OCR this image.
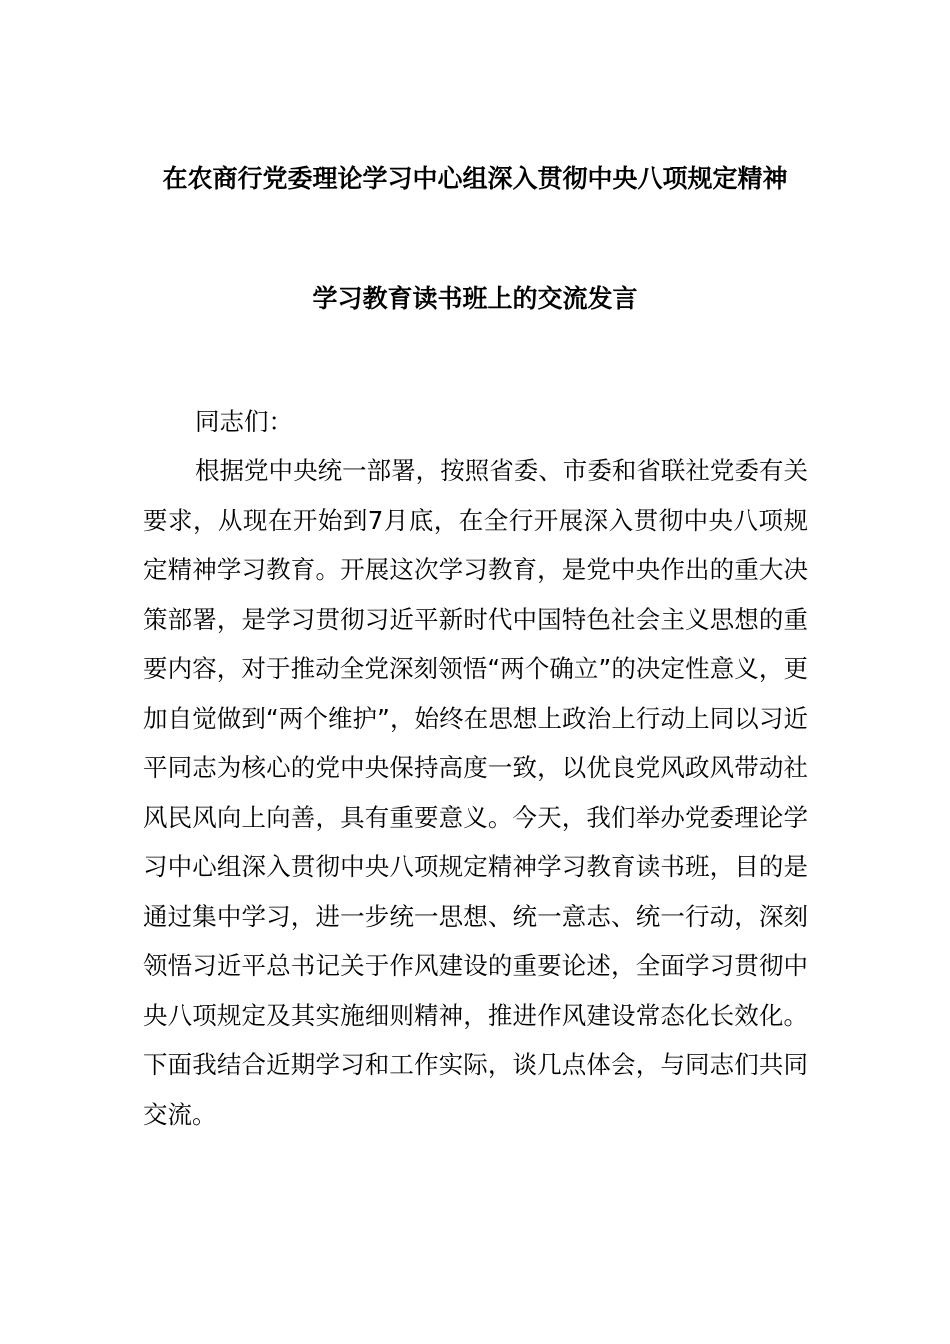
在农商行党委理论学习中心组深入贯彻中央八项规定精神
学习教育读书班上的交流发言

同志们：

根据党中央统一部署，按照省委、市委和省联社党委有关要求，从现在开始到7月底，在全行开展深入贯彻中央八项规定精神学习教育。开展这次学习教育，是党中央作出的重大决策部署，是学习贯彻习近平新时代中国特色社会主义思想的重要内容，对于推动全党深刻领悟“两个确立”的决定性意义，更加自觉做到“两个维护”，始终在思想上政治上行动上同以习近平同志为核心的党中央保持高度一致，以优良党风政风带动社风民风向上向善，具有重要意义。今天，我们举办党委理论学习中心组深入贯彻中央八项规定精神学习教育读书班，目的是通过集中学习，进一步统一思想、统一意志、统一行动，深刻领悟习近平总书记关于作风建设的重要论述，全面学习贯彻中央八项规定及其实施细则精神，推进作风建设常态化长效化。下面我结合近期学习和工作实际，谈几点体会，与同志们共同交流。
